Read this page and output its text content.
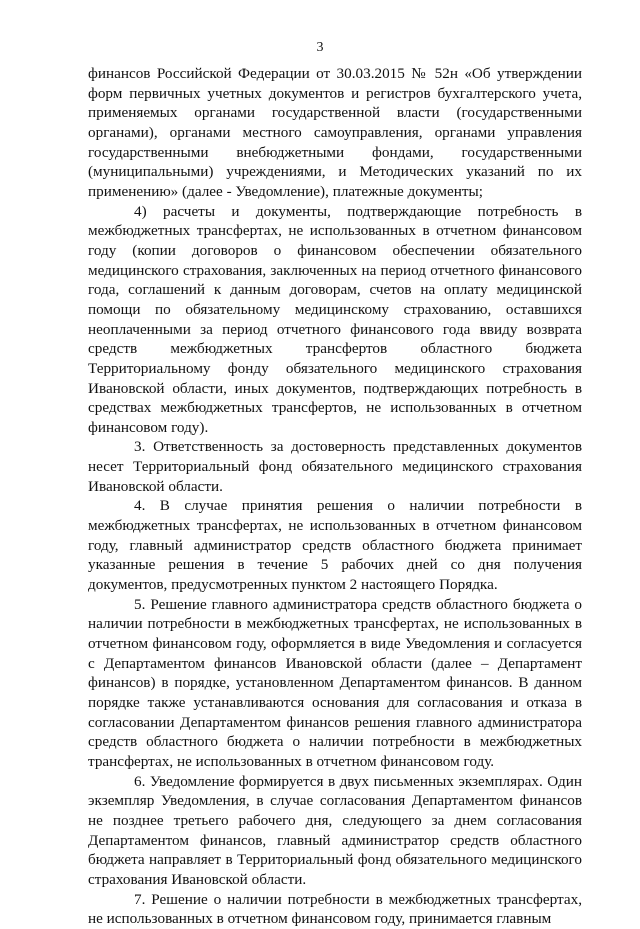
3

финансов Российской Федерации от 30.03.2015 № 52н «Об утверждении форм первичных учетных документов и регистров бухгалтерского учета, применяемых органами государственной власти (государственными органами), органами местного самоуправления, органами управления государственными внебюджетными фондами, государственными (муниципальными) учреждениями, и Методических указаний по их применению» (далее - Уведомление), платежные документы;

4) расчеты и документы, подтверждающие потребность в межбюджетных трансфертах, не использованных в отчетном финансовом году (копии договоров о финансовом обеспечении обязательного медицинского страхования, заключенных на период отчетного финансового года, соглашений к данным договорам, счетов на оплату медицинской помощи по обязательному медицинскому страхованию, оставшихся неоплаченными за период отчетного финансового года ввиду возврата средств межбюджетных трансфертов областного бюджета Территориальному фонду обязательного медицинского страхования Ивановской области, иных документов, подтверждающих потребность в средствах межбюджетных трансфертов, не использованных в отчетном финансовом году).

3. Ответственность за достоверность представленных документов несет Территориальный фонд обязательного медицинского страхования Ивановской области.

4. В случае принятия решения о наличии потребности в межбюджетных трансфертах, не использованных в отчетном финансовом году, главный администратор средств областного бюджета принимает указанные решения в течение 5 рабочих дней со дня получения документов, предусмотренных пунктом 2 настоящего Порядка.

5. Решение главного администратора средств областного бюджета о наличии потребности в межбюджетных трансфертах, не использованных в отчетном финансовом году, оформляется в виде Уведомления и согласуется с Департаментом финансов Ивановской области (далее – Департамент финансов) в порядке, установленном Департаментом финансов. В данном порядке также устанавливаются основания для согласования и отказа в согласовании Департаментом финансов решения главного администратора средств областного бюджета о наличии потребности в межбюджетных трансфертах, не использованных в отчетном финансовом году.

6. Уведомление формируется в двух письменных экземплярах. Один экземпляр Уведомления, в случае согласования Департаментом финансов не позднее третьего рабочего дня, следующего за днем согласования Департаментом финансов, главный администратор средств областного бюджета направляет в Территориальный фонд обязательного медицинского страхования Ивановской области.

7. Решение о наличии потребности в межбюджетных трансфертах, не использованных в отчетном финансовом году, принимается главным
